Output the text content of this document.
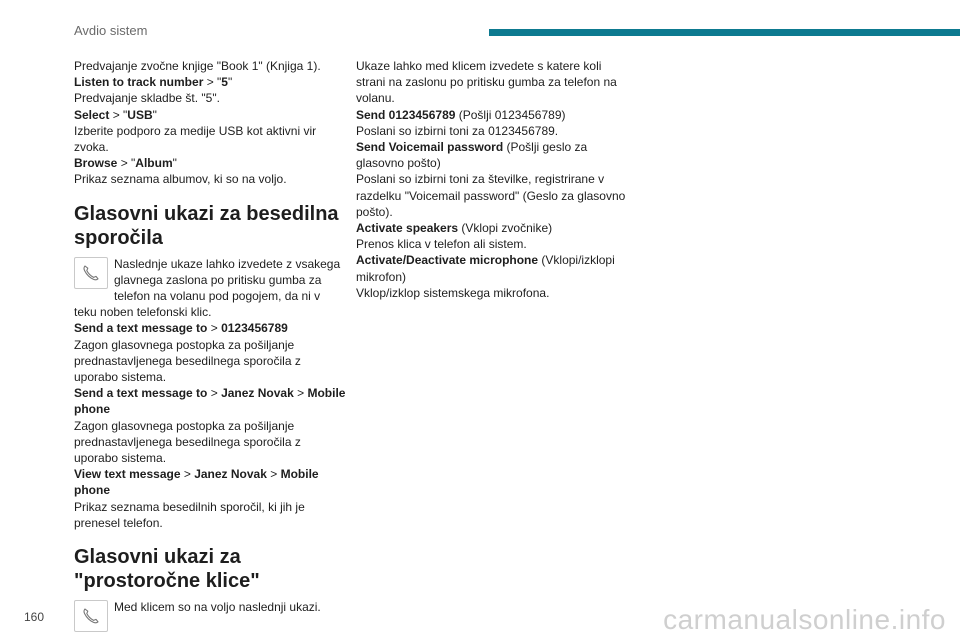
Avdio sistem

Predvajanje zvočne knjige "Book 1" (Knjiga 1).

Listen to track number > "5"

Predvajanje skladbe št. "5".

Select > "USB"

Izberite podporo za medije USB kot aktivni vir zvoka.

Browse > "Album"

Prikaz seznama albumov, ki so na voljo.

Glasovni ukazi za besedilna sporočila

Naslednje ukaze lahko izvedete z vsakega glavnega zaslona po pritisku gumba za telefon na volanu pod pogojem, da ni v teku noben telefonski klic.

Send a text message to > 0123456789

Zagon glasovnega postopka za pošiljanje prednastavljenega besedilnega sporočila z uporabo sistema.

Send a text message to > Janez Novak > Mobile phone

Zagon glasovnega postopka za pošiljanje prednastavljenega besedilnega sporočila z uporabo sistema.

View text message > Janez Novak > Mobile phone

Prikaz seznama besedilnih sporočil, ki jih je prenesel telefon.

Glasovni ukazi za "prostoročne klice"

Med klicem so na voljo naslednji ukazi.

Ukaze lahko med klicem izvedete s katere koli strani na zaslonu po pritisku gumba za telefon na volanu.

Send 0123456789 (Pošlji 0123456789)

Poslani so izbirni toni za 0123456789.

Send Voicemail password (Pošlji geslo za glasovno pošto)

Poslani so izbirni toni za številke, registrirane v razdelku "Voicemail password" (Geslo za glasovno pošto).

Activate speakers (Vklopi zvočnike)

Prenos klica v telefon ali sistem.

Activate/Deactivate microphone (Vklopi/izklopi mikrofon)

Vklop/izklop sistemskega mikrofona.

160	carmanualsonline.info
